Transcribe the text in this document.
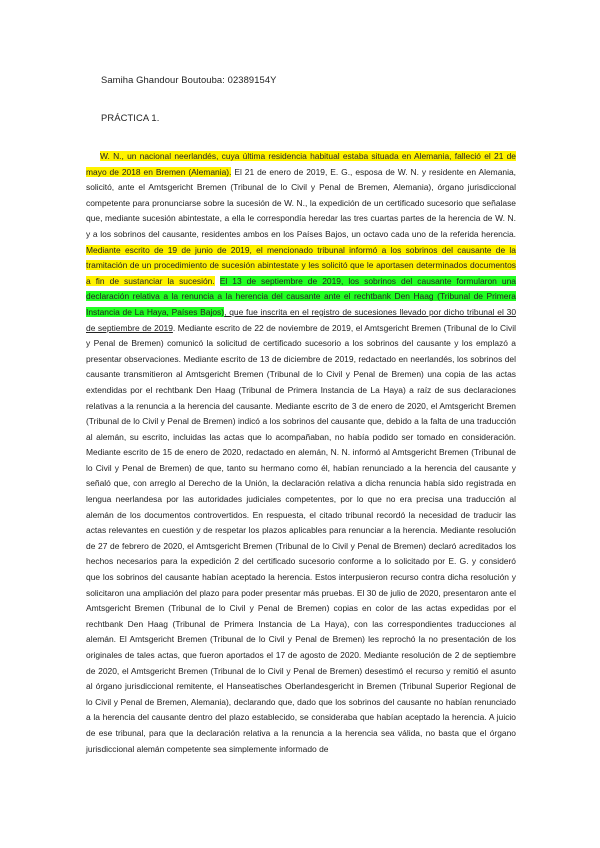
Samiha Ghandour Boutouba: 02389154Y
PRÁCTICA 1.

W. N., un nacional neerlandés, cuya última residencia habitual estaba situada en Alemania, falleció el 21 de mayo de 2018 en Bremen (Alemania). El 21 de enero de 2019, E. G., esposa de W. N. y residente en Alemania, solicitó, ante el Amtsgericht Bremen (Tribunal de lo Civil y Penal de Bremen, Alemania), órgano jurisdiccional competente para pronunciarse sobre la sucesión de W. N., la expedición de un certificado sucesorio que señalase que, mediante sucesión abintestate, a ella le correspondía heredar las tres cuartas partes de la herencia de W. N. y a los sobrinos del causante, residentes ambos en los Países Bajos, un octavo cada uno de la referida herencia. Mediante escrito de 19 de junio de 2019, el mencionado tribunal informó a los sobrinos del causante de la tramitación de un procedimiento de sucesión abintestate y les solicitó que le aportasen determinados documentos a fin de sustanciar la sucesión. El 13 de septiembre de 2019, los sobrinos del causante formularon una declaración relativa a la renuncia a la herencia del causante ante el rechtbank Den Haag (Tribunal de Primera Instancia de La Haya, Países Bajos), que fue inscrita en el registro de sucesiones llevado por dicho tribunal el 30 de septiembre de 2019. Mediante escrito de 22 de noviembre de 2019, el Amtsgericht Bremen (Tribunal de lo Civil y Penal de Bremen) comunicó la solicitud de certificado sucesorio a los sobrinos del causante y los emplazó a presentar observaciones. Mediante escrito de 13 de diciembre de 2019, redactado en neerlandés, los sobrinos del causante transmitieron al Amtsgericht Bremen (Tribunal de lo Civil y Penal de Bremen) una copia de las actas extendidas por el rechtbank Den Haag (Tribunal de Primera Instancia de La Haya) a raíz de sus declaraciones relativas a la renuncia a la herencia del causante. Mediante escrito de 3 de enero de 2020, el Amtsgericht Bremen (Tribunal de lo Civil y Penal de Bremen) indicó a los sobrinos del causante que, debido a la falta de una traducción al alemán, su escrito, incluidas las actas que lo acompañaban, no había podido ser tomado en consideración. Mediante escrito de 15 de enero de 2020, redactado en alemán, N. N. informó al Amtsgericht Bremen (Tribunal de lo Civil y Penal de Bremen) de que, tanto su hermano como él, habían renunciado a la herencia del causante y señaló que, con arreglo al Derecho de la Unión, la declaración relativa a dicha renuncia había sido registrada en lengua neerlandesa por las autoridades judiciales competentes, por lo que no era precisa una traducción al alemán de los documentos controvertidos. En respuesta, el citado tribunal recordó la necesidad de traducir las actas relevantes en cuestión y de respetar los plazos aplicables para renunciar a la herencia. Mediante resolución de 27 de febrero de 2020, el Amtsgericht Bremen (Tribunal de lo Civil y Penal de Bremen) declaró acreditados los hechos necesarios para la expedición 2 del certificado sucesorio conforme a lo solicitado por E. G. y consideró que los sobrinos del causante habían aceptado la herencia. Estos interpusieron recurso contra dicha resolución y solicitaron una ampliación del plazo para poder presentar más pruebas. El 30 de julio de 2020, presentaron ante el Amtsgericht Bremen (Tribunal de lo Civil y Penal de Bremen) copias en color de las actas expedidas por el rechtbank Den Haag (Tribunal de Primera Instancia de La Haya), con las correspondientes traducciones al alemán. El Amtsgericht Bremen (Tribunal de lo Civil y Penal de Bremen) les reprochó la no presentación de los originales de tales actas, que fueron aportados el 17 de agosto de 2020. Mediante resolución de 2 de septiembre de 2020, el Amtsgericht Bremen (Tribunal de lo Civil y Penal de Bremen) desestimó el recurso y remitió el asunto al órgano jurisdiccional remitente, el Hanseatisches Oberlandesgericht in Bremen (Tribunal Superior Regional de lo Civil y Penal de Bremen, Alemania), declarando que, dado que los sobrinos del causante no habían renunciado a la herencia del causante dentro del plazo establecido, se consideraba que habían aceptado la herencia. A juicio de ese tribunal, para que la declaración relativa a la renuncia a la herencia sea válida, no basta que el órgano jurisdiccional alemán competente sea simplemente informado de
